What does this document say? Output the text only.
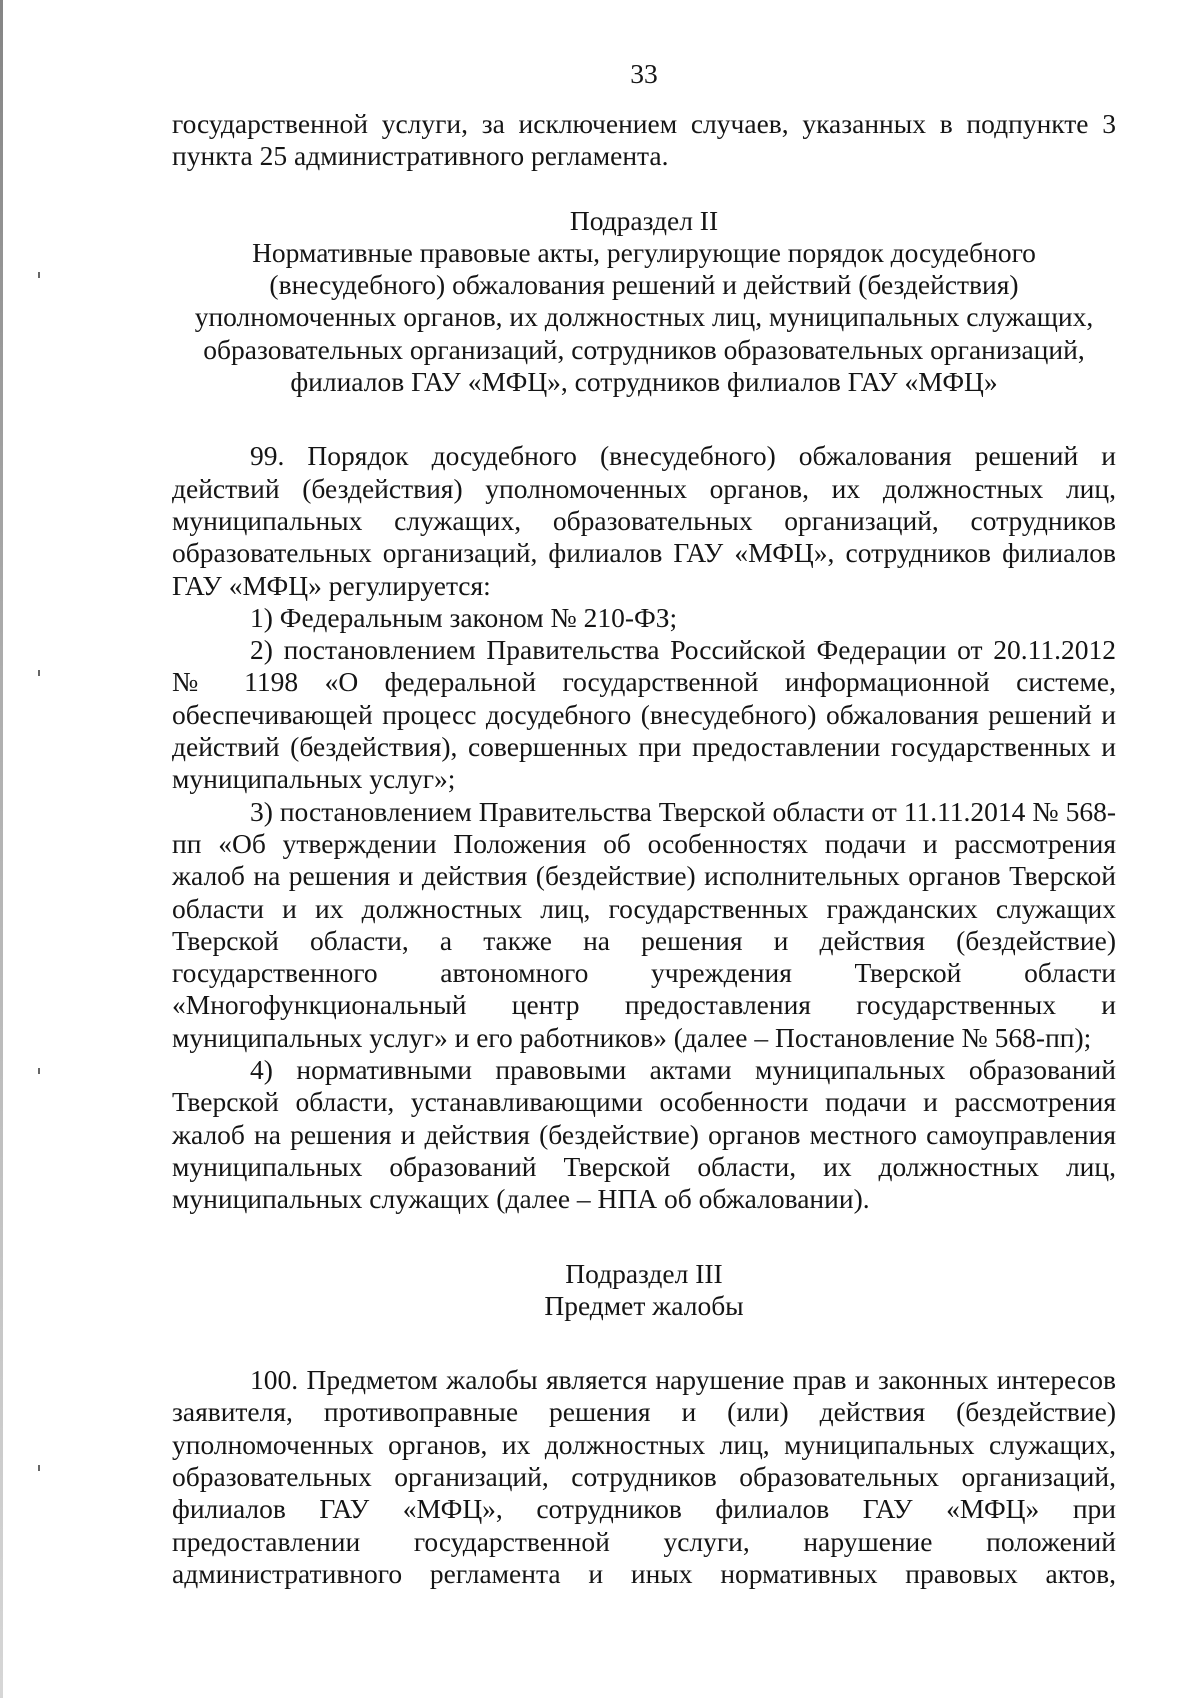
33

государственной услуги, за исключением случаев, указанных в подпункте 3 пункта 25 административного регламента.

Подраздел II

Нормативные правовые акты, регулирующие порядок досудебного

(внесудебного) обжалования решений и действий (бездействия)

уполномоченных органов, их должностных лиц, муниципальных служащих,

образовательных организаций, сотрудников образовательных организаций,

филиалов ГАУ «МФЦ», сотрудников филиалов ГАУ «МФЦ»

99. Порядок досудебного (внесудебного) обжалования решений и действий (бездействия) уполномоченных органов, их должностных лиц, муниципальных служащих, образовательных организаций, сотрудников образовательных организаций, филиалов ГАУ «МФЦ», сотрудников филиалов ГАУ «МФЦ» регулируется:

1) Федеральным законом № 210-ФЗ;

2) постановлением Правительства Российской Федерации от 20.11.2012 № 1198 «О федеральной государственной информационной системе, обеспечивающей процесс досудебного (внесудебного) обжалования решений и действий (бездействия), совершенных при предоставлении государственных и муниципальных услуг»;

3) постановлением Правительства Тверской области от 11.11.2014 № 568-пп «Об утверждении Положения об особенностях подачи и рассмотрения жалоб на решения и действия (бездействие) исполнительных органов Тверской области и их должностных лиц, государственных гражданских служащих Тверской области, а также на решения и действия (бездействие) государственного автономного учреждения Тверской области «Многофункциональный центр предоставления государственных и муниципальных услуг» и его работников» (далее – Постановление № 568-пп);

4) нормативными правовыми актами муниципальных образований Тверской области, устанавливающими особенности подачи и рассмотрения жалоб на решения и действия (бездействие) органов местного самоуправления муниципальных образований Тверской области, их должностных лиц, муниципальных служащих (далее – НПА об обжаловании).

Подраздел III

Предмет жалобы

100. Предметом жалобы является нарушение прав и законных интересов заявителя, противоправные решения и (или) действия (бездействие) уполномоченных органов, их должностных лиц, муниципальных служащих, образовательных организаций, сотрудников образовательных организаций, филиалов ГАУ «МФЦ», сотрудников филиалов ГАУ «МФЦ» при предоставлении государственной услуги, нарушение положений административного регламента и иных нормативных правовых актов,
